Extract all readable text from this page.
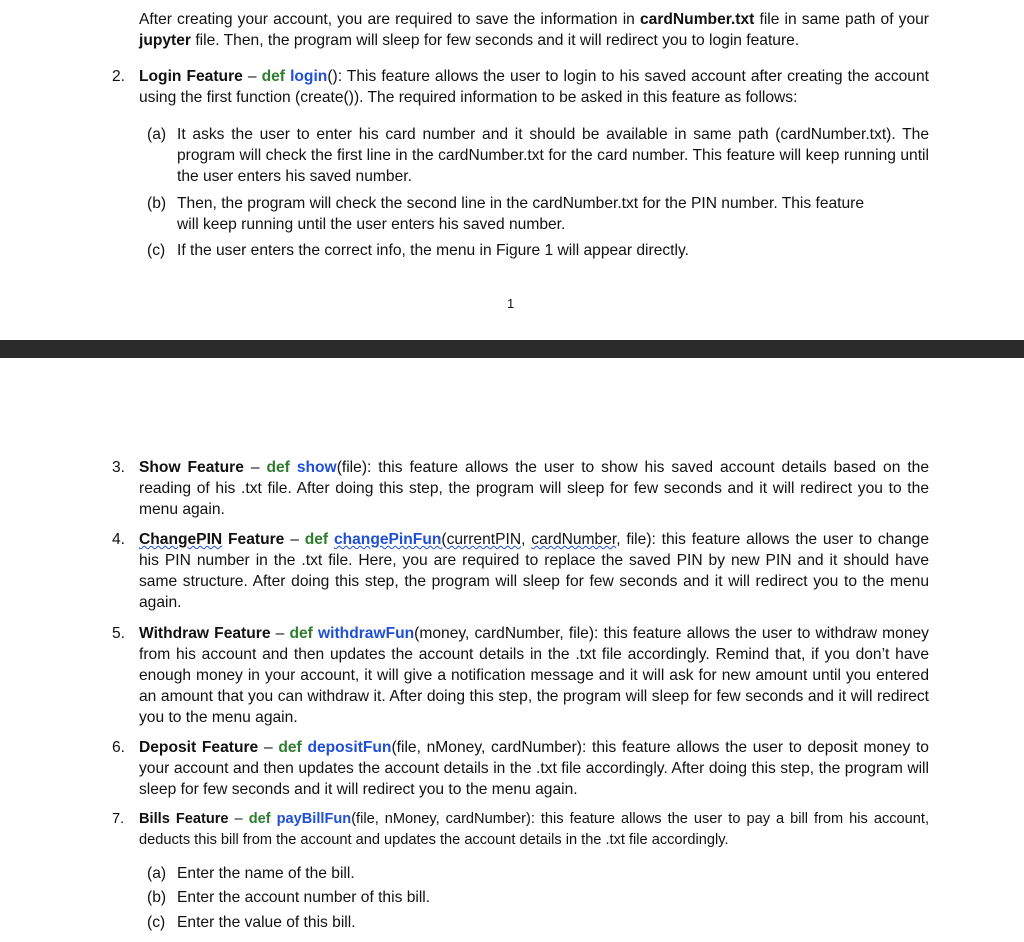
After creating your account, you are required to save the information in cardNumber.txt file in same path of your jupyter file. Then, the program will sleep for few seconds and it will redirect you to login feature.

2. Login Feature – def login(): This feature allows the user to login to his saved account after creating the account using the first function (create()). The required information to be asked in this feature as follows:

(a) It asks the user to enter his card number and it should be available in same path (cardNumber.txt). The program will check the first line in the cardNumber.txt for the card number. This feature will keep running until the user enters his saved number.

(b) Then, the program will check the second line in the cardNumber.txt for the PIN number. This feature will keep running until the user enters his saved number.

(c) If the user enters the correct info, the menu in Figure 1 will appear directly.

1
3. Show Feature – def show(file): this feature allows the user to show his saved account details based on the reading of his .txt file. After doing this step, the program will sleep for few seconds and it will redirect you to the menu again.

4. ChangePIN Feature – def changePinFun(currentPIN, cardNumber, file): this feature allows the user to change his PIN number in the .txt file. Here, you are required to replace the saved PIN by new PIN and it should have same structure. After doing this step, the program will sleep for few seconds and it will redirect you to the menu again.

5. Withdraw Feature – def withdrawFun(money, cardNumber, file): this feature allows the user to withdraw money from his account and then updates the account details in the .txt file accordingly. Remind that, if you don’t have enough money in your account, it will give a notification message and it will ask for new amount until you entered an amount that you can withdraw it. After doing this step, the program will sleep for few seconds and it will redirect you to the menu again.

6. Deposit Feature – def depositFun(file, nMoney, cardNumber): this feature allows the user to deposit money to your account and then updates the account details in the .txt file accordingly. After doing this step, the program will sleep for few seconds and it will redirect you to the menu again.

7. Bills Feature – def payBillFun(file, nMoney, cardNumber): this feature allows the user to pay a bill from his account, deducts this bill from the account and updates the account details in the .txt file accordingly.

(a) Enter the name of the bill.
(b) Enter the account number of this bill.
(c) Enter the value of this bill.
